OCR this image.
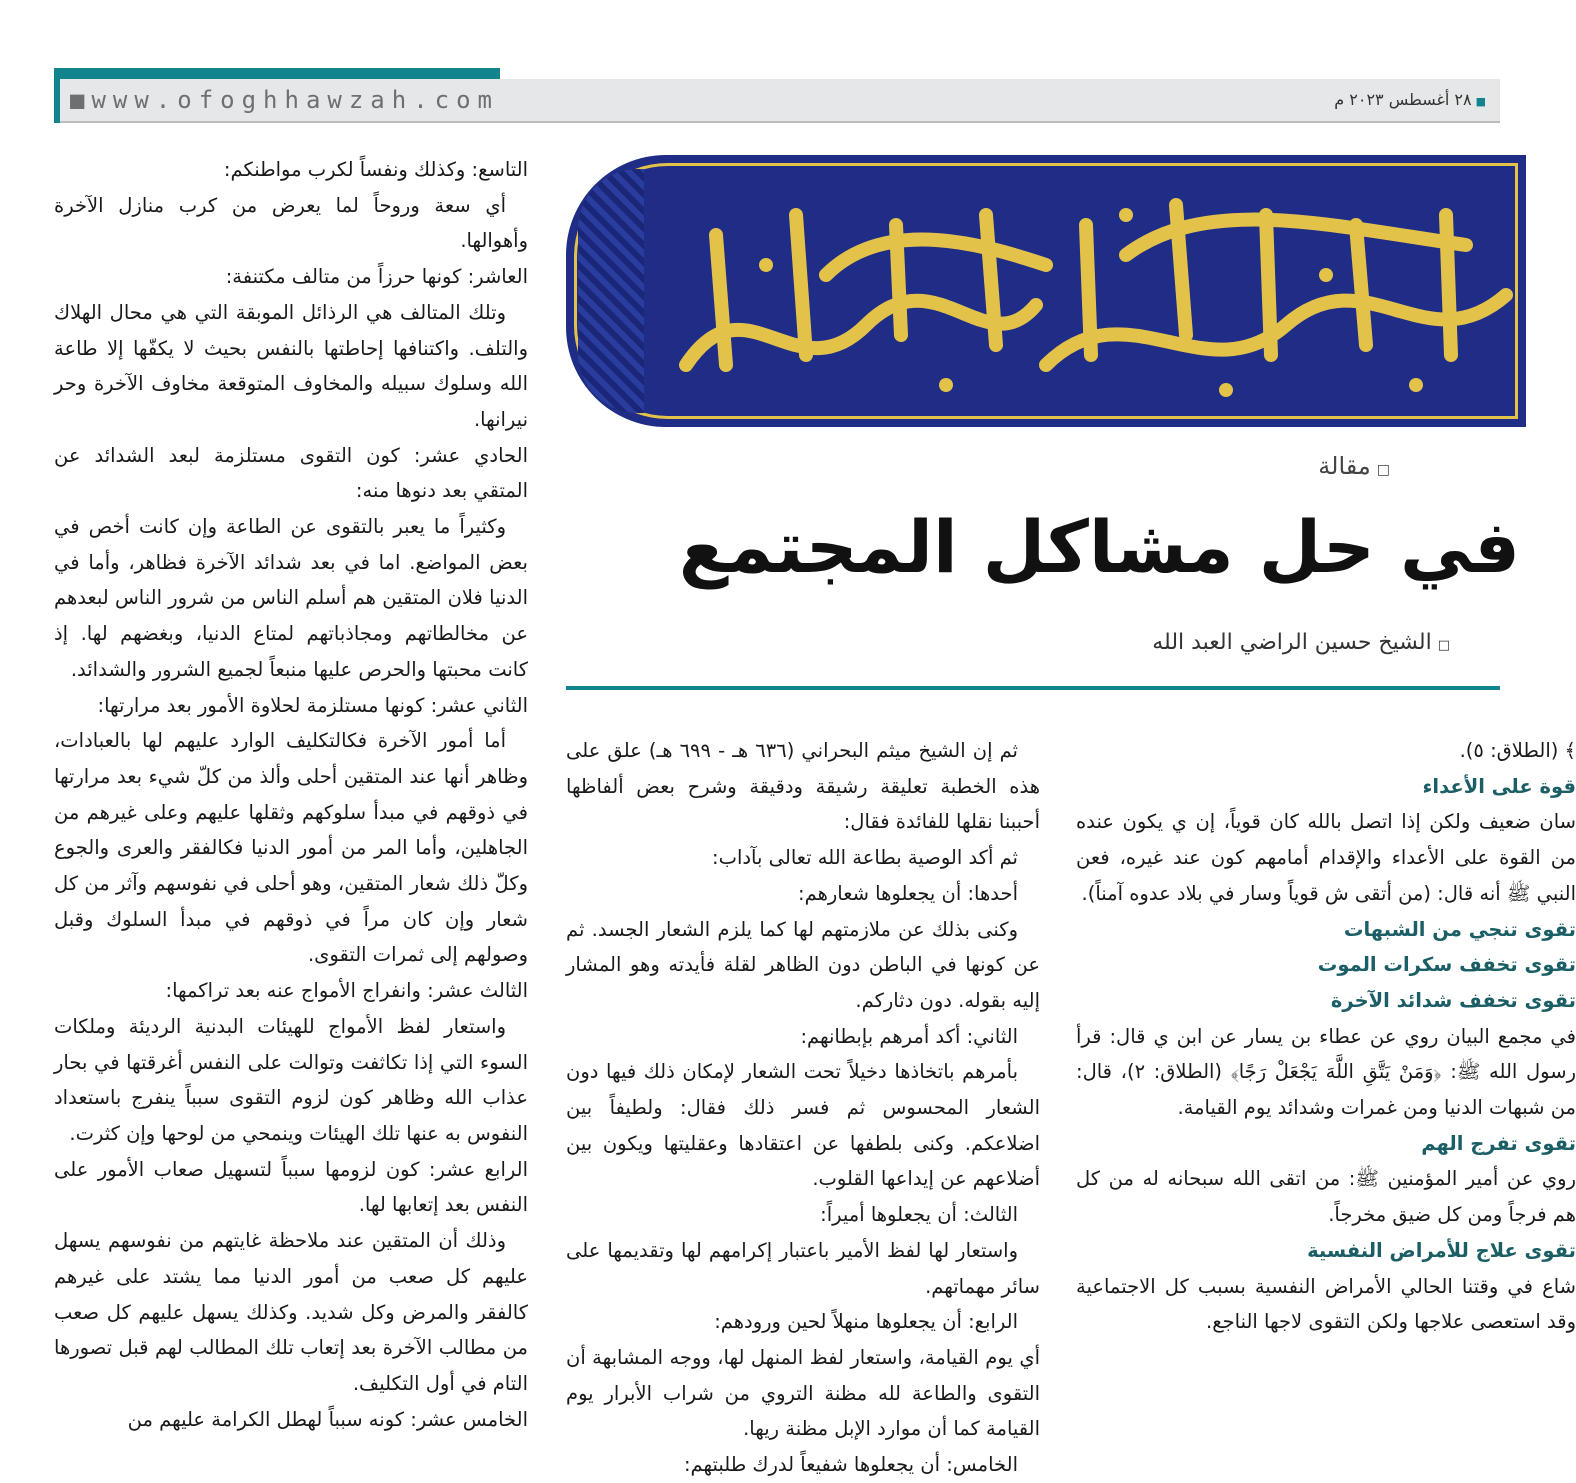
■www.ofoghhawzah.com	■٢٨ أغسطس ٢٠٢٣ م
□مقالة
في حل مشاكل المجتمع
□الشيخ حسين الراضي العبد الله

التاسع: وكذلك ونفساً لكرب مواطنكم:

أي سعة وروحاً لما يعرض من كرب منازل الآخرة وأهوالها.

العاشر: كونها حرزاً من متالف مكتنفة:

وتلك المتالف هي الرذائل الموبقة التي هي محال الهلاك والتلف. واكتنافها إحاطتها بالنفس بحيث لا يكفّها إلا طاعة الله وسلوك سبيله والمخاوف المتوقعة مخاوف الآخرة وحر نيرانها.

الحادي عشر: كون التقوى مستلزمة لبعد الشدائد عن المتقي بعد دنوها منه:

وكثيراً ما يعبر بالتقوى عن الطاعة وإن كانت أخص في بعض المواضع. اما في بعد شدائد الآخرة فظاهر، وأما في الدنيا فلان المتقين هم أسلم الناس من شرور الناس لبعدهم عن مخالطاتهم ومجاذباتهم لمتاع الدنيا، وبغضهم لها. إذ كانت محبتها والحرص عليها منبعاً لجميع الشرور والشدائد.

الثاني عشر: كونها مستلزمة لحلاوة الأمور بعد مرارتها:

أما أمور الآخرة فكالتكليف الوارد عليهم لها بالعبادات، وظاهر أنها عند المتقين أحلى وألذ من كلّ شيء بعد مرارتها في ذوقهم في مبدأ سلوكهم وثقلها عليهم وعلى غيرهم من الجاهلين، وأما المر من أمور الدنيا فكالفقر والعرى والجوع وكلّ ذلك شعار المتقين، وهو أحلى في نفوسهم وآثر من كل شعار وإن كان مراً في ذوقهم في مبدأ السلوك وقبل وصولهم إلى ثمرات التقوى.

الثالث عشر: وانفراج الأمواج عنه بعد تراكمها:

واستعار لفظ الأمواج للهيئات البدنية الرديئة وملكات السوء التي إذا تكاثفت وتوالت على النفس أغرقتها في بحار عذاب الله وظاهر كون لزوم التقوى سبباً ينفرج باستعداد النفوس به عنها تلك الهيئات وينمحي من لوحها وإن كثرت.

الرابع عشر: كون لزومها سبباً لتسهيل صعاب الأمور على النفس بعد إتعابها لها.

وذلك أن المتقين عند ملاحظة غايتهم من نفوسهم يسهل عليهم كل صعب من أمور الدنيا مما يشتد على غيرهم كالفقر والمرض وكل شديد. وكذلك يسهل عليهم كل صعب من مطالب الآخرة بعد إتعاب تلك المطالب لهم قبل تصورها التام في أول التكليف.

الخامس عشر: كونه سبباً لهطل الكرامة عليهم من

ثم إن الشيخ ميثم البحراني (٦٣٦ هـ - ٦٩٩ هـ) علق على هذه الخطبة تعليقة رشيقة ودقيقة وشرح بعض ألفاظها أحببنا نقلها للفائدة فقال:

ثم أكد الوصية بطاعة الله تعالى بآداب:

أحدها: أن يجعلوها شعارهم:

وكنى بذلك عن ملازمتهم لها كما يلزم الشعار الجسد. ثم عن كونها في الباطن دون الظاهر لقلة فأيدته وهو المشار إليه بقوله. دون دثاركم.

الثاني: أكد أمرهم بإبطانهم:

بأمرهم باتخاذها دخيلاً تحت الشعار لإمكان ذلك فيها دون الشعار المحسوس ثم فسر ذلك فقال: ولطيفاً بين اضلاعكم. وكنى بلطفها عن اعتقادها وعقليتها ويكون بين أضلاعهم عن إيداعها القلوب.

الثالث: أن يجعلوها أميراً:

واستعار لها لفظ الأمير باعتبار إكرامهم لها وتقديمها على سائر مهماتهم.

الرابع: أن يجعلوها منهلاً لحين ورودهم:

أي يوم القيامة، واستعار لفظ المنهل لها، ووجه المشابهة أن التقوى والطاعة لله مظنة التروي من شراب الأبرار يوم القيامة كما أن موارد الإبل مظنة ريها.

الخامس: أن يجعلوها شفيعاً لدرك طلبتهم:

﴾ (الطلاق: ٥).

قوة على الأعداء

سان ضعيف ولكن إذا اتصل بالله كان قوياً، إن ي يكون عنده من القوة على الأعداء والإقدام أمامهم كون عند غيره، فعن النبي ﷺ أنه قال: (من أتقى ش قوياً وسار في بلاد عدوه آمناً).

تقوى تنجي من الشبهات

تقوى تخفف سكرات الموت

تقوى تخفف شدائد الآخرة

في مجمع البيان روي عن عطاء بن يسار عن ابن ي قال: قرأ رسول الله ﷺ: ﴿وَمَنْ يَتَّقِ اللَّهَ يَجْعَلْ رَجًا﴾ (الطلاق: ٢)، قال: من شبهات الدنيا ومن غمرات وشدائد يوم القيامة.

تقوى تفرج الهم

روي عن أمير المؤمنين ﷺ: من اتقى الله سبحانه له من كل هم فرجاً ومن كل ضيق مخرجاً.

تقوى علاج للأمراض النفسية

شاع في وقتنا الحالي الأمراض النفسية بسبب كل الاجتماعية وقد استعصى علاجها ولكن التقوى لاجها الناجع.
